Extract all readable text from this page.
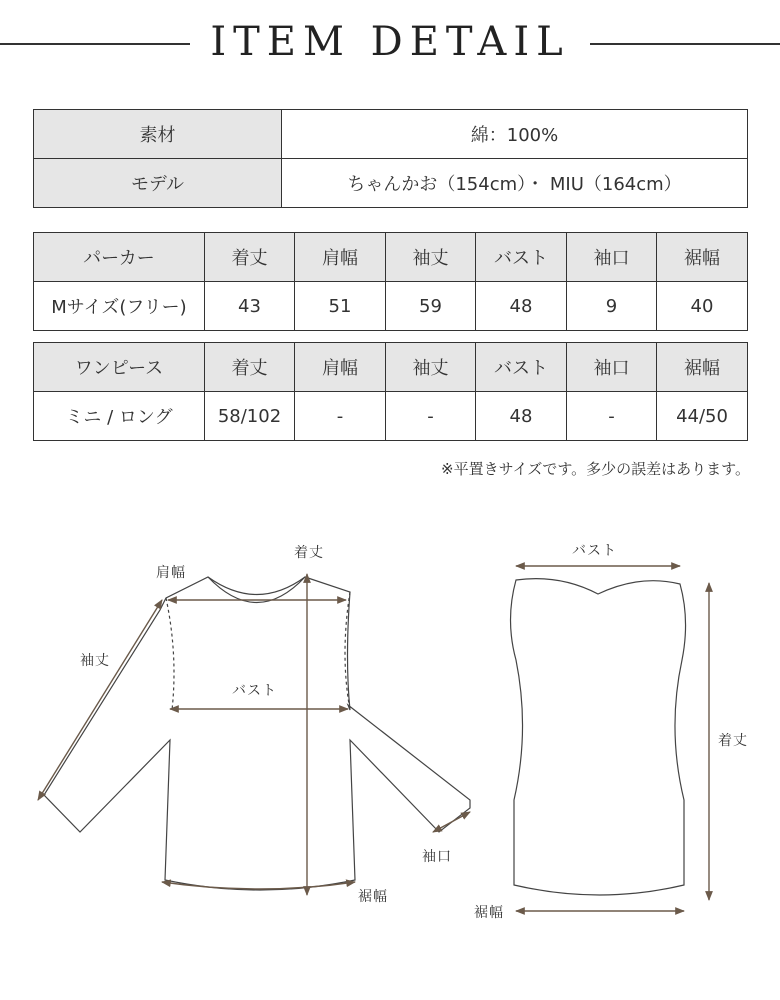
ITEM DETAIL
素材	綿：100%
モデル	ちゃんかお（154cm）・ MIU（164cm）
パーカー	着丈	肩幅	袖丈	バスト	袖口	裾幅
Mサイズ(フリー)	43	51	59	48	9	40
ワンピース	着丈	肩幅	袖丈	バスト	袖口	裾幅
ミニ / ロング	58/102	-	-	48	-	44/50
※平置きサイズです。多少の誤差はあります。
着丈
肩幅
袖丈
バスト
袖口
裾幅
バスト
着丈
裾幅
